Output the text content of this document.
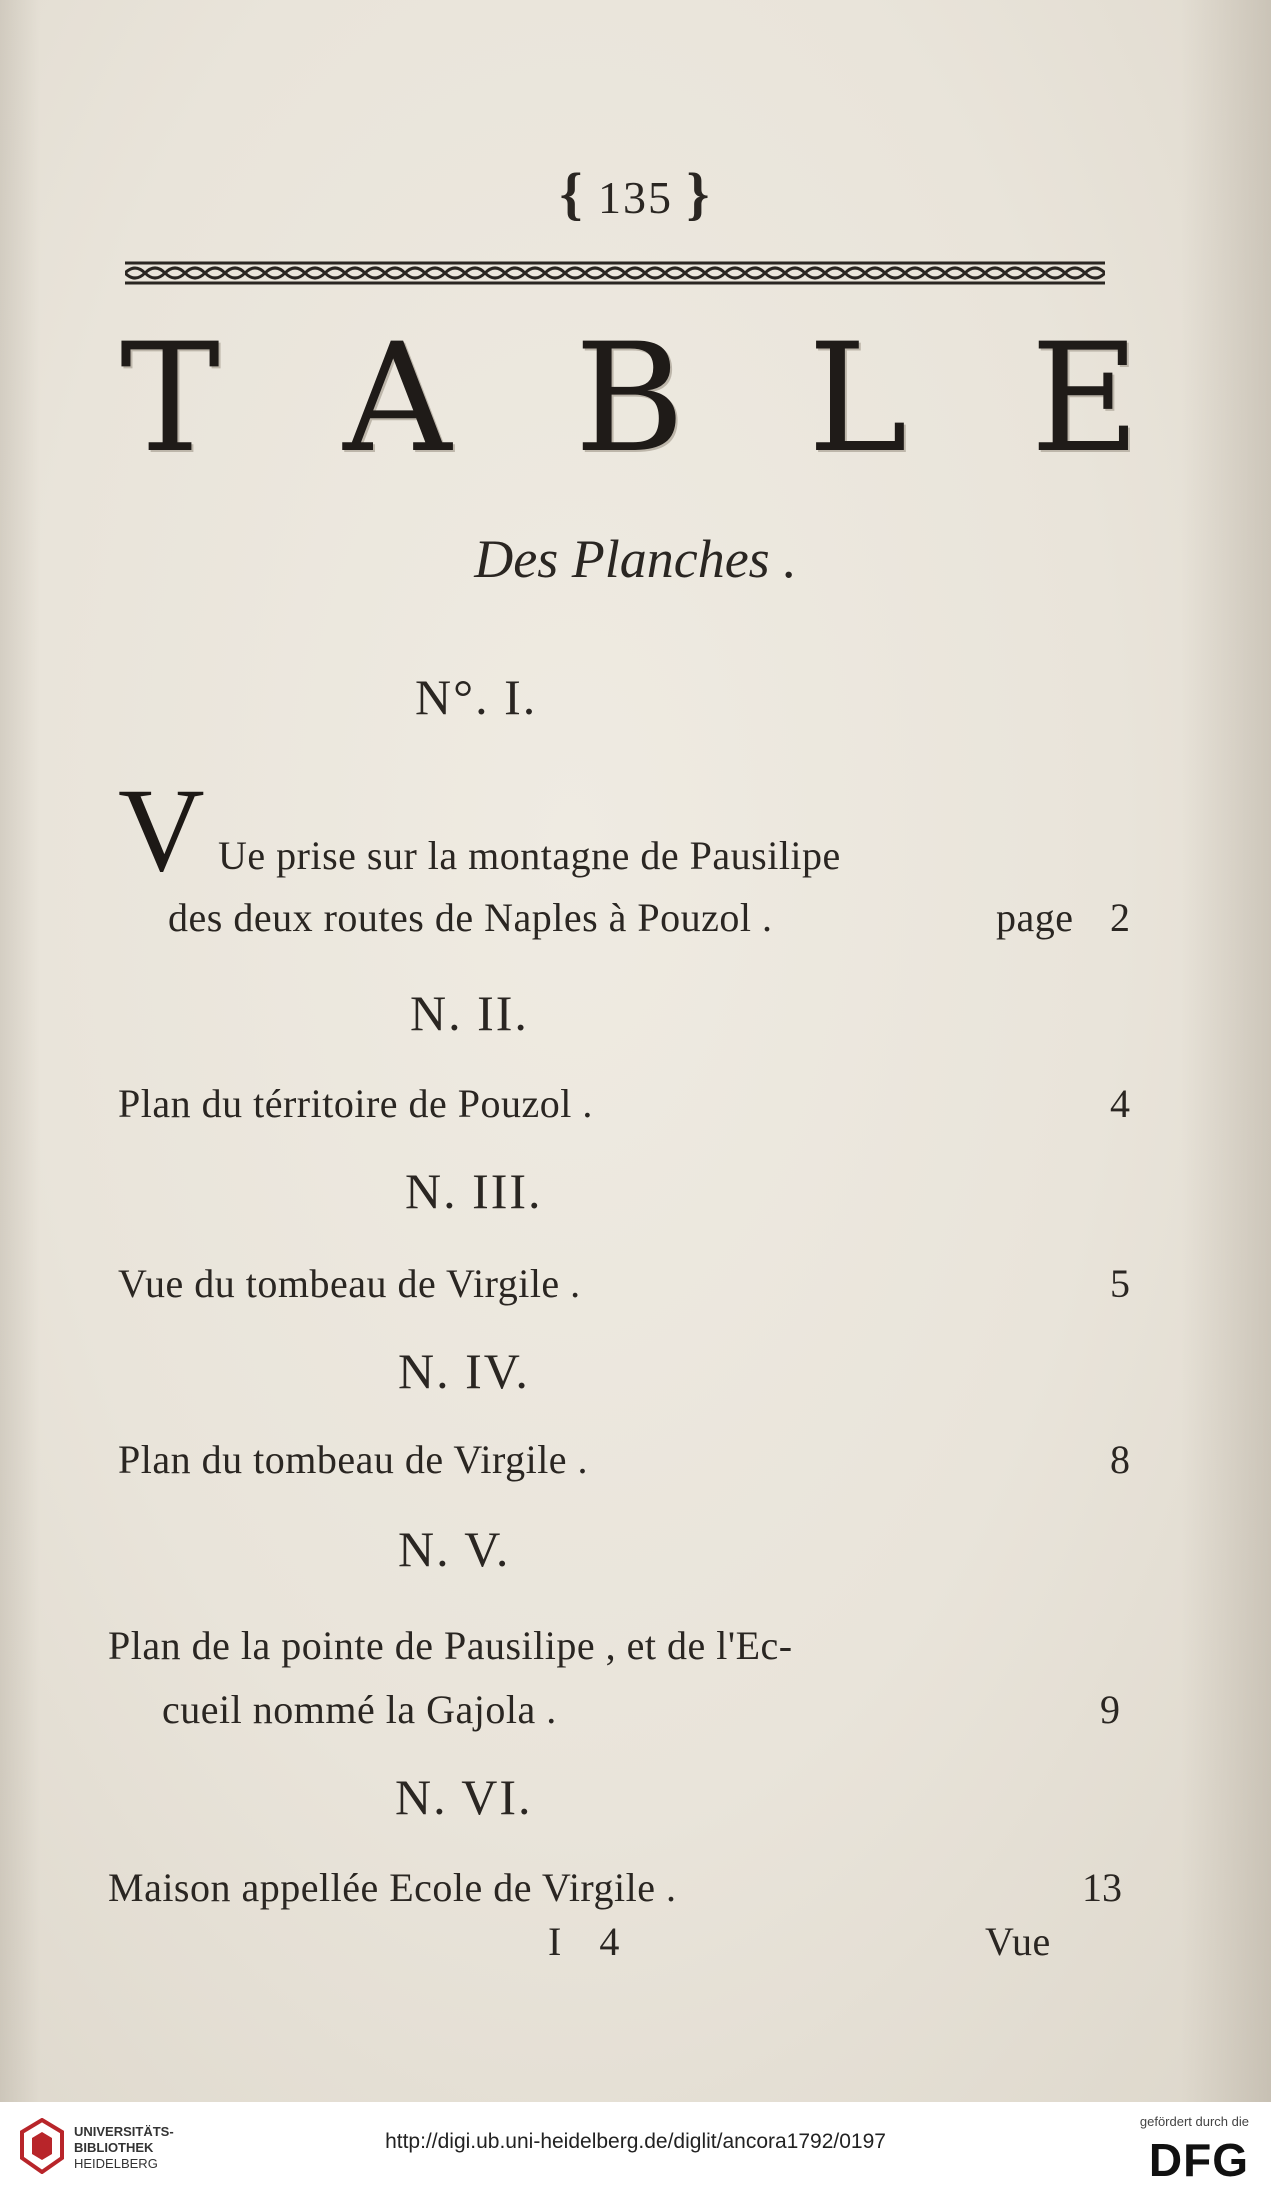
{ 135 }
T A B L E
Des Planches .
N°. I.
V Ue prise sur la montagne de Pausilipe
des deux routes de Naples à Pouzol .	page 2
N. II.
Plan du térritoire de Pouzol .	4
N. III.
Vue du tombeau de Virgile .	5
N. IV.
Plan du tombeau de Virgile .	8
N. V.
Plan de la pointe de Pausilipe , et de l'Ec-
cueil nommé la Gajola .	9
N. VI.
Maison appellée Ecole de Virgile .	13
I 4	Vue
UNIVERSITÄTS-
BIBLIOTHEK
HEIDELBERG
http://digi.ub.uni-heidelberg.de/diglit/ancora1792/0197
gefördert durch die
DFG
